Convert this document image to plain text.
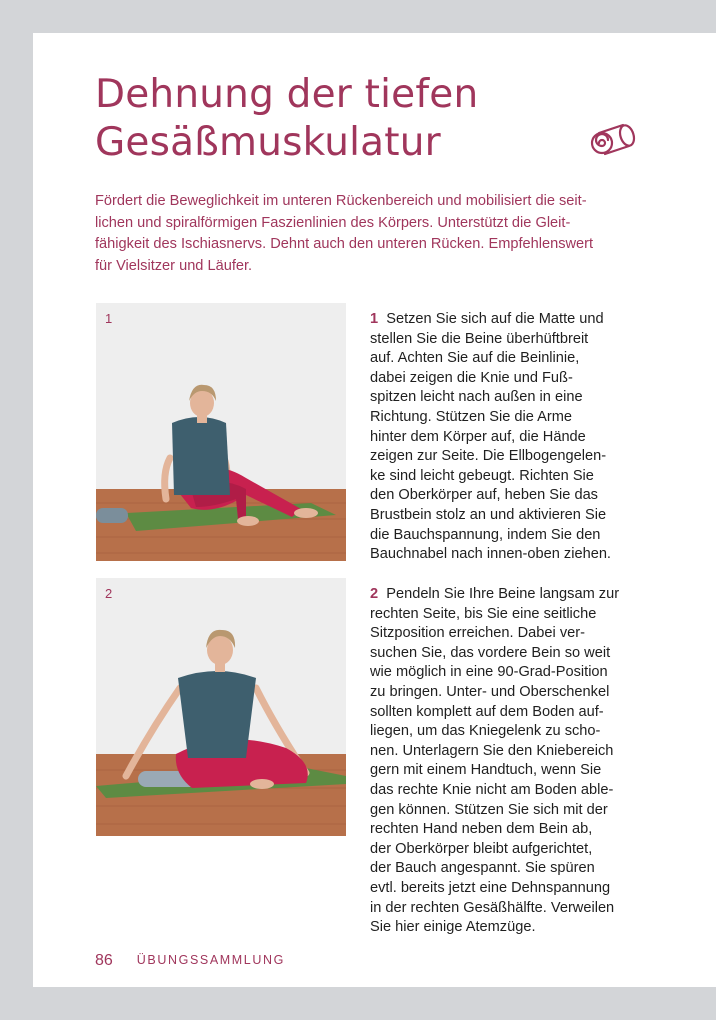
Dehnung der tiefen
Gesäßmuskulatur

Fördert die Beweglichkeit im unteren Rückenbereich und mobilisiert die seit-
lichen und spiralförmigen Faszienlinien des Körpers. Unterstützt die Gleit-
fähigkeit des Ischiasnervs. Dehnt auch den unteren Rücken. Empfehlenswert
für Vielsitzer und Läufer.

1	1 Setzen Sie sich auf die Matte und
stellen Sie die Beine überhüftbreit
auf. Achten Sie auf die Beinlinie,
dabei zeigen die Knie und Fuß-
spitzen leicht nach außen in eine
Richtung. Stützen Sie die Arme
hinter dem Körper auf, die Hände
zeigen zur Seite. Die Ellbogengelen-
ke sind leicht gebeugt. Richten Sie
den Oberkörper auf, heben Sie das
Brustbein stolz an und aktivieren Sie
die Bauchspannung, indem Sie den
Bauchnabel nach innen-oben ziehen.

2	2 Pendeln Sie Ihre Beine langsam zur
rechten Seite, bis Sie eine seitliche
Sitzposition erreichen. Dabei ver-
suchen Sie, das vordere Bein so weit
wie möglich in eine 90-Grad-Position
zu bringen. Unter- und Oberschenkel
sollten komplett auf dem Boden auf-
liegen, um das Kniegelenk zu scho-
nen. Unterlagern Sie den Kniebereich
gern mit einem Handtuch, wenn Sie
das rechte Knie nicht am Boden able-
gen können. Stützen Sie sich mit der
rechten Hand neben dem Bein ab,
der Oberkörper bleibt aufgerichtet,
der Bauch angespannt. Sie spüren
evtl. bereits jetzt eine Dehnspannung
in der rechten Gesäßhälfte. Verweilen
Sie hier einige Atemzüge.

86 ÜBUNGSSAMMLUNG
